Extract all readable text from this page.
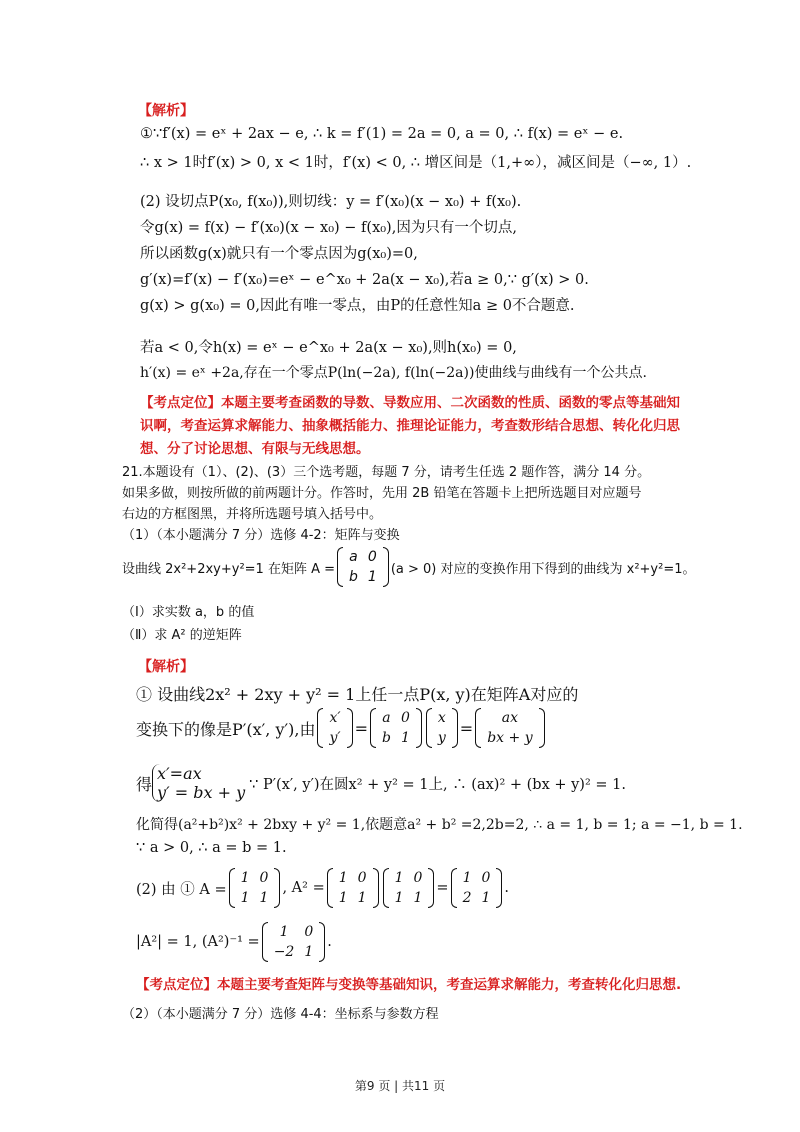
【解析】
①∵f′(x) = eˣ + 2ax − e, ∴ k = f′(1) = 2a = 0, a = 0, ∴ f(x) = eˣ − e.
∴ x > 1时f′(x) > 0, x < 1时，f′(x) < 0, ∴ 增区间是（1,+∞），减区间是（−∞, 1）.
(2) 设切点P(x₀, f(x₀)),则切线：y = f′(x₀)(x − x₀) + f(x₀).
令g(x) = f(x) − f′(x₀)(x − x₀) − f(x₀),因为只有一个切点,
所以函数g(x)就只有一个零点因为g(x₀)=0,
g′(x)=f′(x) − f′(x₀)=eˣ − e^x₀ + 2a(x − x₀),若a ≥ 0,∵ g′(x) > 0.
g(x) > g(x₀) = 0,因此有唯一零点，由P的任意性知a ≥ 0不合题意.
若a < 0,令h(x) = eˣ − e^x₀ + 2a(x − x₀),则h(x₀) = 0,
h′(x) = eˣ +2a,存在一个零点P(ln(−2a), f(ln(−2a))使曲线与曲线有一个公共点.
【考点定位】本题主要考查函数的导数、导数应用、二次函数的性质、函数的零点等基础知
识啊，考查运算求解能力、抽象概括能力、推理论证能力，考查数形结合思想、转化化归思
想、分了讨论思想、有限与无线思想。
21.本题设有（1）、(2)、(3）三个选考题，每题 7 分，请考生任选 2 题作答，满分 14 分。
如果多做，则按所做的前两题计分。作答时，先用 2B 铅笔在答题卡上把所选题目对应题号
右边的方框图黑，并将所选题号填入括号中。
（1）（本小题满分 7 分）选修 4-2：矩阵与变换
设曲线 2x²+2xy+y²=1 在矩阵 A =
a	0
b	1 (a > 0) 对应的变换作用下得到的曲线为 x²+y²=1。
（Ⅰ）求实数 a，b 的值
（Ⅱ）求 A² 的逆矩阵
【解析】
① 设曲线2x² + 2xy + y² = 1上任一点P(x, y)在矩阵A对应的
变换下的像是P′(x′, y′),由
x′
y′
=
a	0
b	1
x
y
=
ax
bx + y
得
x′=ax
y′ = bx + y ∵ P′(x′, y′)在圆x² + y² = 1上, ∴ (ax)² + (bx + y)² = 1.
化简得(a²+b²)x² + 2bxy + y² = 1,依题意a² + b² =2,2b=2, ∴ a = 1, b = 1; a = −1, b = 1.
∵ a > 0, ∴ a = b = 1.
(2) 由 ① A =
1	0
1	1
, A² =
1	0
1	1
1	0
1	1
=
1	0
2	1
.
|A²| = 1, (A²)⁻¹ =
1	0
−2	1
.
【考点定位】本题主要考查矩阵与变换等基础知识，考查运算求解能力，考查转化化归思想.
（2）（本小题满分 7 分）选修 4-4：坐标系与参数方程
第9 页 | 共11 页
